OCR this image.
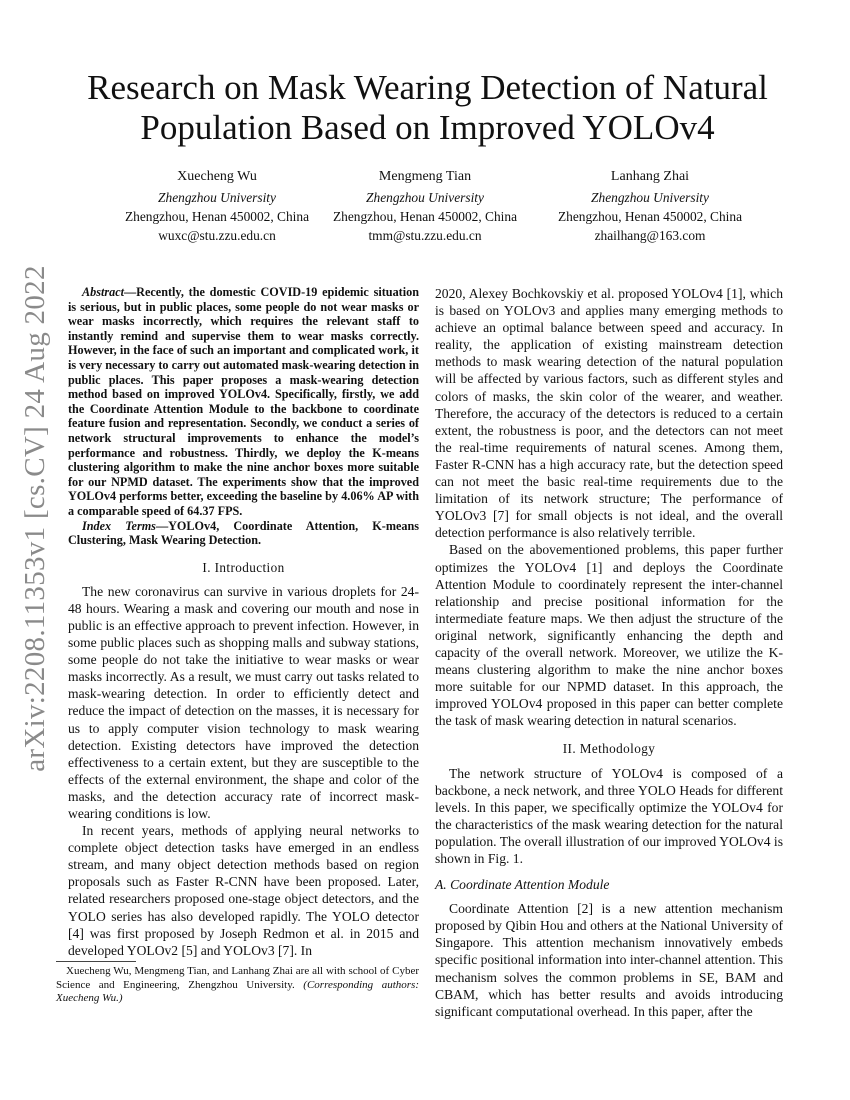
arXiv:2208.11353v1 [cs.CV] 24 Aug 2022
Research on Mask Wearing Detection of Natural
Population Based on Improved YOLOv4
Xuecheng Wu
Zhengzhou University
Zhengzhou, Henan 450002, China
wuxc@stu.zzu.edu.cn
Mengmeng Tian
Zhengzhou University
Zhengzhou, Henan 450002, China
tmm@stu.zzu.edu.cn
Lanhang Zhai
Zhengzhou University
Zhengzhou, Henan 450002, China
zhailhang@163.com

Abstract—Recently, the domestic COVID-19 epidemic situation is serious, but in public places, some people do not wear masks or wear masks incorrectly, which requires the relevant staff to instantly remind and supervise them to wear masks correctly. However, in the face of such an important and complicated work, it is very necessary to carry out automated mask-wearing detection in public places. This paper proposes a mask-wearing detection method based on improved YOLOv4. Specifically, firstly, we add the Coordinate Attention Module to the backbone to coordinate feature fusion and representation. Secondly, we conduct a series of network structural improvements to enhance the model’s performance and robustness. Thirdly, we deploy the K-means clustering algorithm to make the nine anchor boxes more suitable for our NPMD dataset. The experiments show that the improved YOLOv4 performs better, exceeding the baseline by 4.06% AP with a comparable speed of 64.37 FPS.

Index Terms—YOLOv4, Coordinate Attention, K-means Clustering, Mask Wearing Detection.

I. Introduction

The new coronavirus can survive in various droplets for 24-48 hours. Wearing a mask and covering our mouth and nose in public is an effective approach to prevent infection. However, in some public places such as shopping malls and subway stations, some people do not take the initiative to wear masks or wear masks incorrectly. As a result, we must carry out tasks related to mask-wearing detection. In order to efficiently detect and reduce the impact of detection on the masses, it is necessary for us to apply computer vision technology to mask wearing detection. Existing detectors have improved the detection effectiveness to a certain extent, but they are susceptible to the effects of the external environment, the shape and color of the masks, and the detection accuracy rate of incorrect mask-wearing conditions is low.

In recent years, methods of applying neural networks to complete object detection tasks have emerged in an endless stream, and many object detection methods based on region proposals such as Faster R-CNN have been proposed. Later, related researchers proposed one-stage object detectors, and the YOLO series has also developed rapidly. The YOLO detector [4] was first proposed by Joseph Redmon et al. in 2015 and developed YOLOv2 [5] and YOLOv3 [7]. In

Xuecheng Wu, Mengmeng Tian, and Lanhang Zhai are all with school of Cyber Science and Engineering, Zhengzhou University. (Corresponding authors: Xuecheng Wu.)

2020, Alexey Bochkovskiy et al. proposed YOLOv4 [1], which is based on YOLOv3 and applies many emerging methods to achieve an optimal balance between speed and accuracy. In reality, the application of existing mainstream detection methods to mask wearing detection of the natural population will be affected by various factors, such as different styles and colors of masks, the skin color of the wearer, and weather. Therefore, the accuracy of the detectors is reduced to a certain extent, the robustness is poor, and the detectors can not meet the real-time requirements of natural scenes. Among them, Faster R-CNN has a high accuracy rate, but the detection speed can not meet the basic real-time requirements due to the limitation of its network structure; The performance of YOLOv3 [7] for small objects is not ideal, and the overall detection performance is also relatively terrible.

Based on the abovementioned problems, this paper further optimizes the YOLOv4 [1] and deploys the Coordinate Attention Module to coordinately represent the inter-channel relationship and precise positional information for the intermediate feature maps. We then adjust the structure of the original network, significantly enhancing the depth and capacity of the overall network. Moreover, we utilize the K-means clustering algorithm to make the nine anchor boxes more suitable for our NPMD dataset. In this approach, the improved YOLOv4 proposed in this paper can better complete the task of mask wearing detection in natural scenarios.

II. Methodology

The network structure of YOLOv4 is composed of a backbone, a neck network, and three YOLO Heads for different levels. In this paper, we specifically optimize the YOLOv4 for the characteristics of the mask wearing detection for the natural population. The overall illustration of our improved YOLOv4 is shown in Fig. 1.

A. Coordinate Attention Module

Coordinate Attention [2] is a new attention mechanism proposed by Qibin Hou and others at the National University of Singapore. This attention mechanism innovatively embeds specific positional information into inter-channel attention. This mechanism solves the common problems in SE, BAM and CBAM, which has better results and avoids introducing significant computational overhead. In this paper, after the
